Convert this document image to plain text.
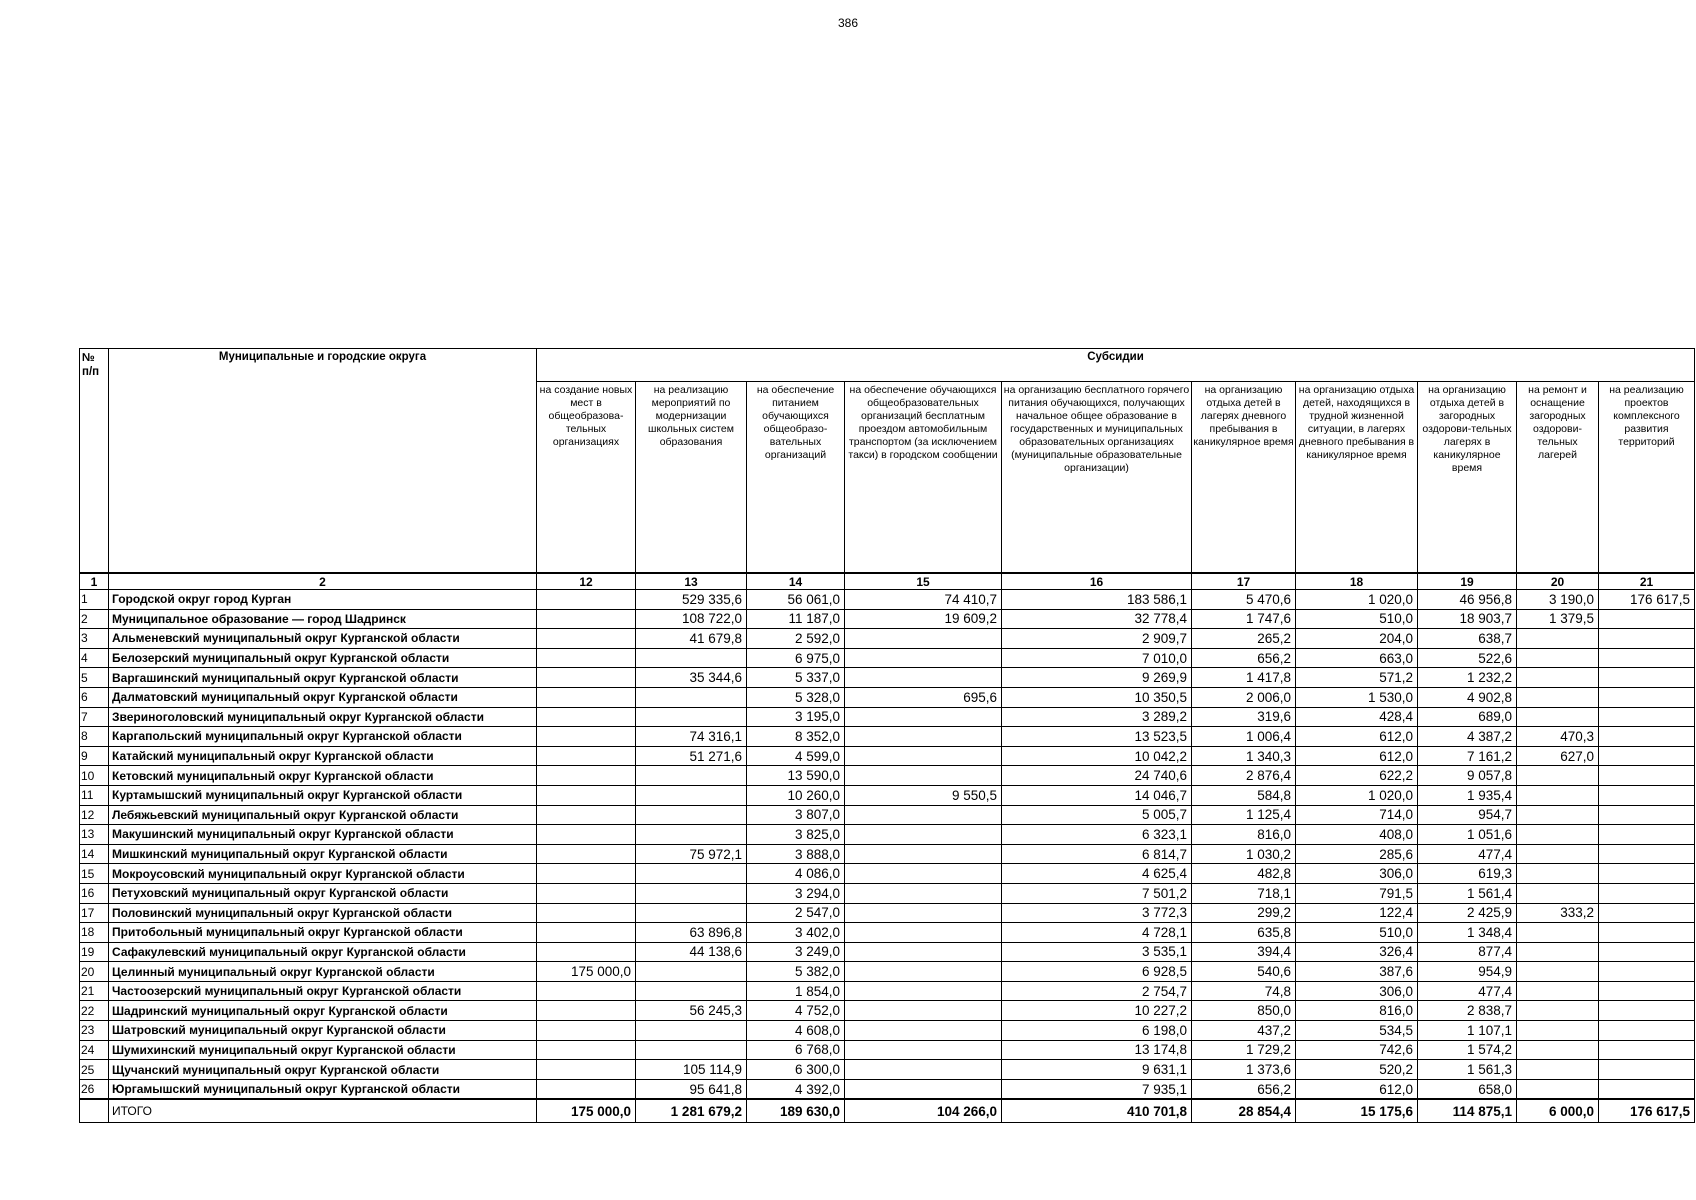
386
№ п/п	Муниципальные и городские округа	Субсидии									
		на создание новых мест в общеобразова-тельных организациях	на реализацию мероприятий по модернизации школьных систем образования	на обеспечение питанием обучающихся общеобразо-вательных организаций	на обеспечение обучающихся общеобразовательных организаций бесплатным проездом автомобильным транспортом (за исключением такси) в городском сообщении	на организацию бесплатного горячего питания обучающихся, получающих начальное общее образование в государственных и муниципальных образовательных организациях (муниципальные образовательные организации)	на организацию отдыха детей в лагерях дневного пребывания в каникулярное время	на организацию отдыха детей, находящихся в трудной жизненной ситуации, в лагерях дневного пребывания в каникулярное время	на организацию отдыха детей в загородных оздорови-тельных лагерях в каникулярное время	на ремонт и оснащение загородных оздорови-тельных лагерей	на реализацию проектов комплексного развития территорий
1	2	12	13	14	15	16	17	18	19	20	21
1	Городской округ город Курган		529 335,6	56 061,0	74 410,7	183 586,1	5 470,6	1 020,0	46 956,8	3 190,0	176 617,5
2	Муниципальное образование — город Шадринск		108 722,0	11 187,0	19 609,2	32 778,4	1 747,6	510,0	18 903,7	1 379,5	
3	Альменевский муниципальный округ Курганской области		41 679,8	2 592,0		2 909,7	265,2	204,0	638,7		
4	Белозерский муниципальный округ Курганской области			6 975,0		7 010,0	656,2	663,0	522,6		
5	Варгашинский муниципальный округ Курганской области		35 344,6	5 337,0		9 269,9	1 417,8	571,2	1 232,2		
6	Далматовский муниципальный округ Курганской области			5 328,0	695,6	10 350,5	2 006,0	1 530,0	4 902,8		
7	Звериноголовский муниципальный округ Курганской области			3 195,0		3 289,2	319,6	428,4	689,0		
8	Каргапольский муниципальный округ Курганской области		74 316,1	8 352,0		13 523,5	1 006,4	612,0	4 387,2	470,3	
9	Катайский муниципальный округ Курганской области		51 271,6	4 599,0		10 042,2	1 340,3	612,0	7 161,2	627,0	
10	Кетовский муниципальный округ Курганской области			13 590,0		24 740,6	2 876,4	622,2	9 057,8		
11	Куртамышский муниципальный округ Курганской области			10 260,0	9 550,5	14 046,7	584,8	1 020,0	1 935,4		
12	Лебяжьевский муниципальный округ Курганской области			3 807,0		5 005,7	1 125,4	714,0	954,7		
13	Макушинский муниципальный округ Курганской области			3 825,0		6 323,1	816,0	408,0	1 051,6		
14	Мишкинский муниципальный округ Курганской области		75 972,1	3 888,0		6 814,7	1 030,2	285,6	477,4		
15	Мокроусовский муниципальный округ Курганской области			4 086,0		4 625,4	482,8	306,0	619,3		
16	Петуховский муниципальный округ Курганской области			3 294,0		7 501,2	718,1	791,5	1 561,4		
17	Половинский муниципальный округ Курганской области			2 547,0		3 772,3	299,2	122,4	2 425,9	333,2	
18	Притобольный муниципальный округ Курганской области		63 896,8	3 402,0		4 728,1	635,8	510,0	1 348,4		
19	Сафакулевский муниципальный округ Курганской области		44 138,6	3 249,0		3 535,1	394,4	326,4	877,4		
20	Целинный муниципальный округ Курганской области	175 000,0		5 382,0		6 928,5	540,6	387,6	954,9		
21	Частоозерский муниципальный округ Курганской области			1 854,0		2 754,7	74,8	306,0	477,4		
22	Шадринский муниципальный округ Курганской области		56 245,3	4 752,0		10 227,2	850,0	816,0	2 838,7		
23	Шатровский муниципальный округ Курганской области			4 608,0		6 198,0	437,2	534,5	1 107,1		
24	Шумихинский муниципальный округ Курганской области			6 768,0		13 174,8	1 729,2	742,6	1 574,2		
25	Щучанский муниципальный округ Курганской области		105 114,9	6 300,0		9 631,1	1 373,6	520,2	1 561,3		
26	Юргамышский муниципальный округ Курганской области		95 641,8	4 392,0		7 935,1	656,2	612,0	658,0		
	ИТОГО	175 000,0	1 281 679,2	189 630,0	104 266,0	410 701,8	28 854,4	15 175,6	114 875,1	6 000,0	176 617,5
